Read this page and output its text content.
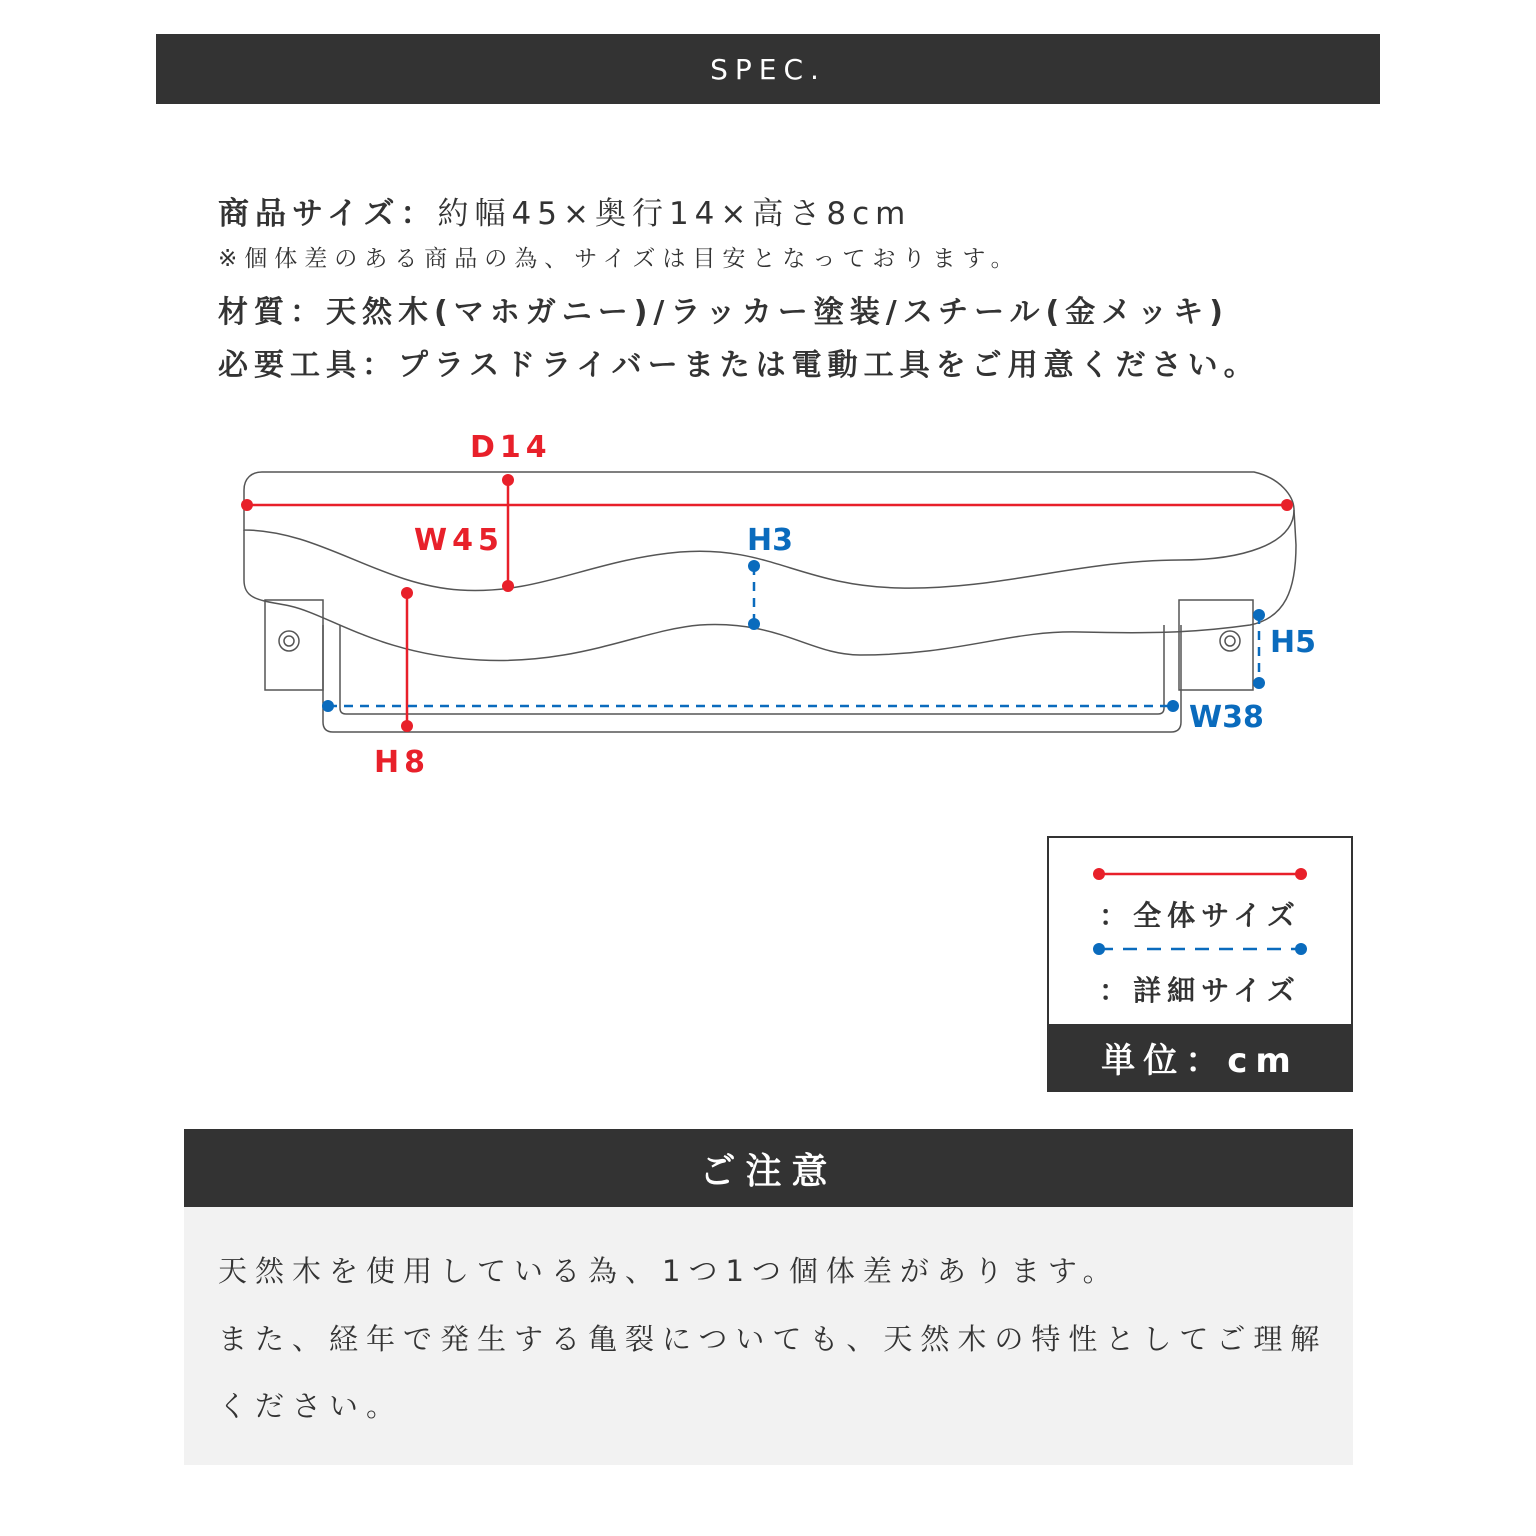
SPEC.
商品サイズ：約幅45×奥行14×高さ8cm
※個体差のある商品の為、サイズは目安となっております。
材質：天然木(マホガニー)/ラッカー塗装/スチール(金メッキ)
必要工具：プラスドライバーまたは電動工具をご用意ください。
D14
W45	H3
H5
W38
H8
：全体サイズ
：詳細サイズ
単位：cm
ご注意
天然木を使用している為、1つ1つ個体差があります。
また、経年で発生する亀裂についても、天然木の特性としてご理解
ください。
